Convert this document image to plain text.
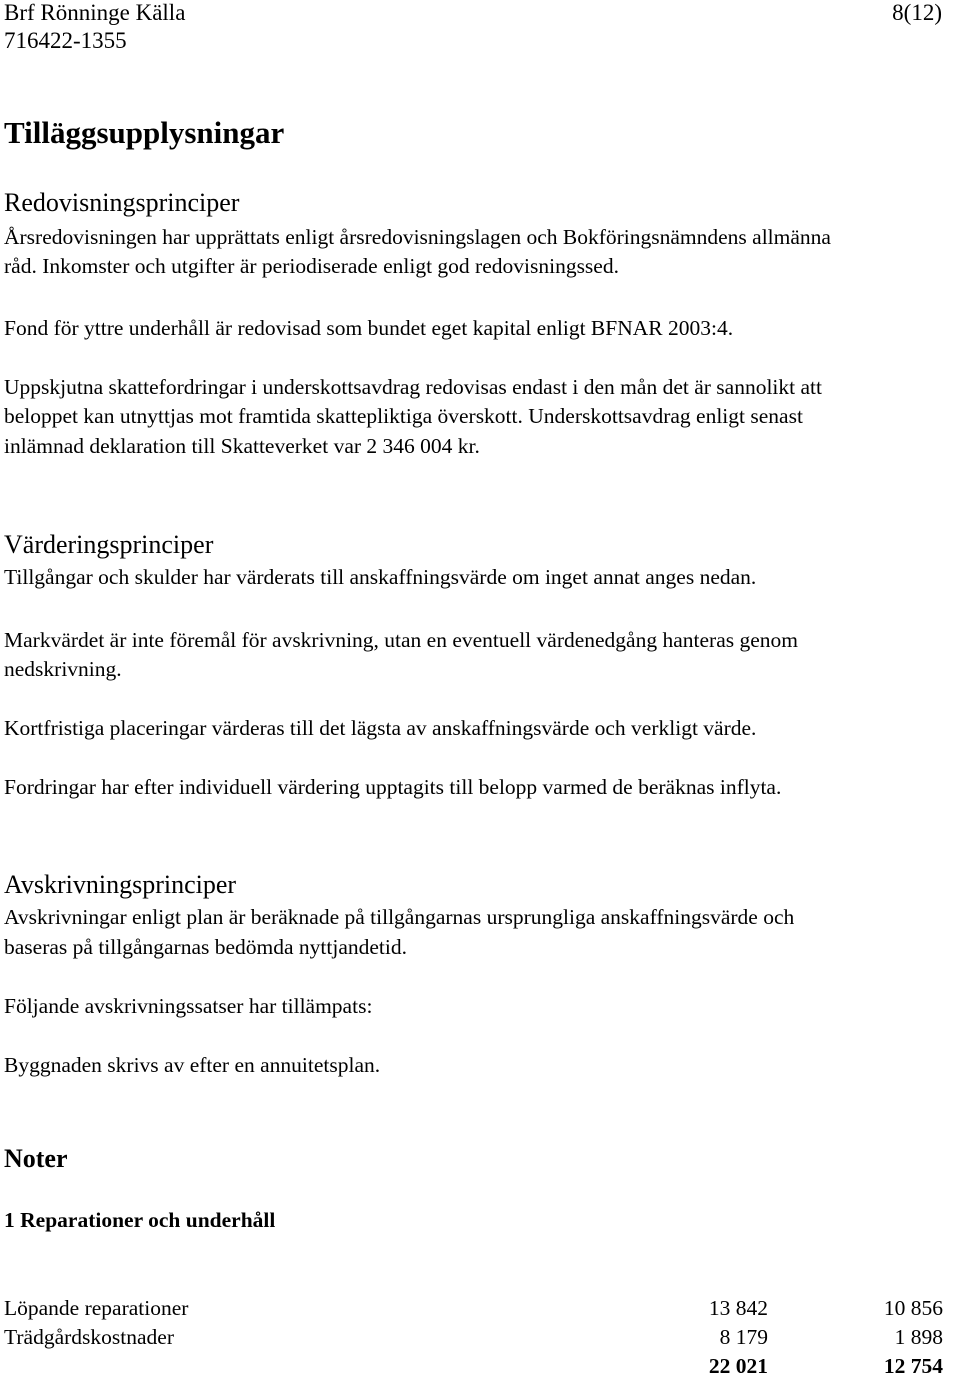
Brf Rönninge Källa
716422-1355
8(12)
Tilläggsupplysningar
Redovisningsprinciper
Årsredovisningen har upprättats enligt årsredovisningslagen och Bokföringsnämndens allmänna
råd. Inkomster och utgifter är periodiserade enligt god redovisningssed.
Fond för yttre underhåll är redovisad som bundet eget kapital enligt BFNAR 2003:4.
Uppskjutna skattefordringar i underskottsavdrag redovisas endast i den mån det är sannolikt att
beloppet kan utnyttjas mot framtida skattepliktiga överskott. Underskottsavdrag enligt senast
inlämnad deklaration till Skatteverket var 2 346 004 kr.
Värderingsprinciper
Tillgångar och skulder har värderats till anskaffningsvärde om inget annat anges nedan.
Markvärdet är inte föremål för avskrivning, utan en eventuell värdenedgång hanteras genom
nedskrivning.
Kortfristiga placeringar värderas till det lägsta av anskaffningsvärde och verkligt värde.
Fordringar har efter individuell värdering upptagits till belopp varmed de beräknas inflyta.
Avskrivningsprinciper
Avskrivningar enligt plan är beräknade på tillgångarnas ursprungliga anskaffningsvärde och
baseras på tillgångarnas bedömda nyttjandetid.
Följande avskrivningssatser har tillämpats:
Byggnaden skrivs av efter en annuitetsplan.
Noter
1 Reparationer och underhåll
Löpande reparationer	13 842	10 856
Trädgårdskostnader	8 179	1 898
22 021	12 754
